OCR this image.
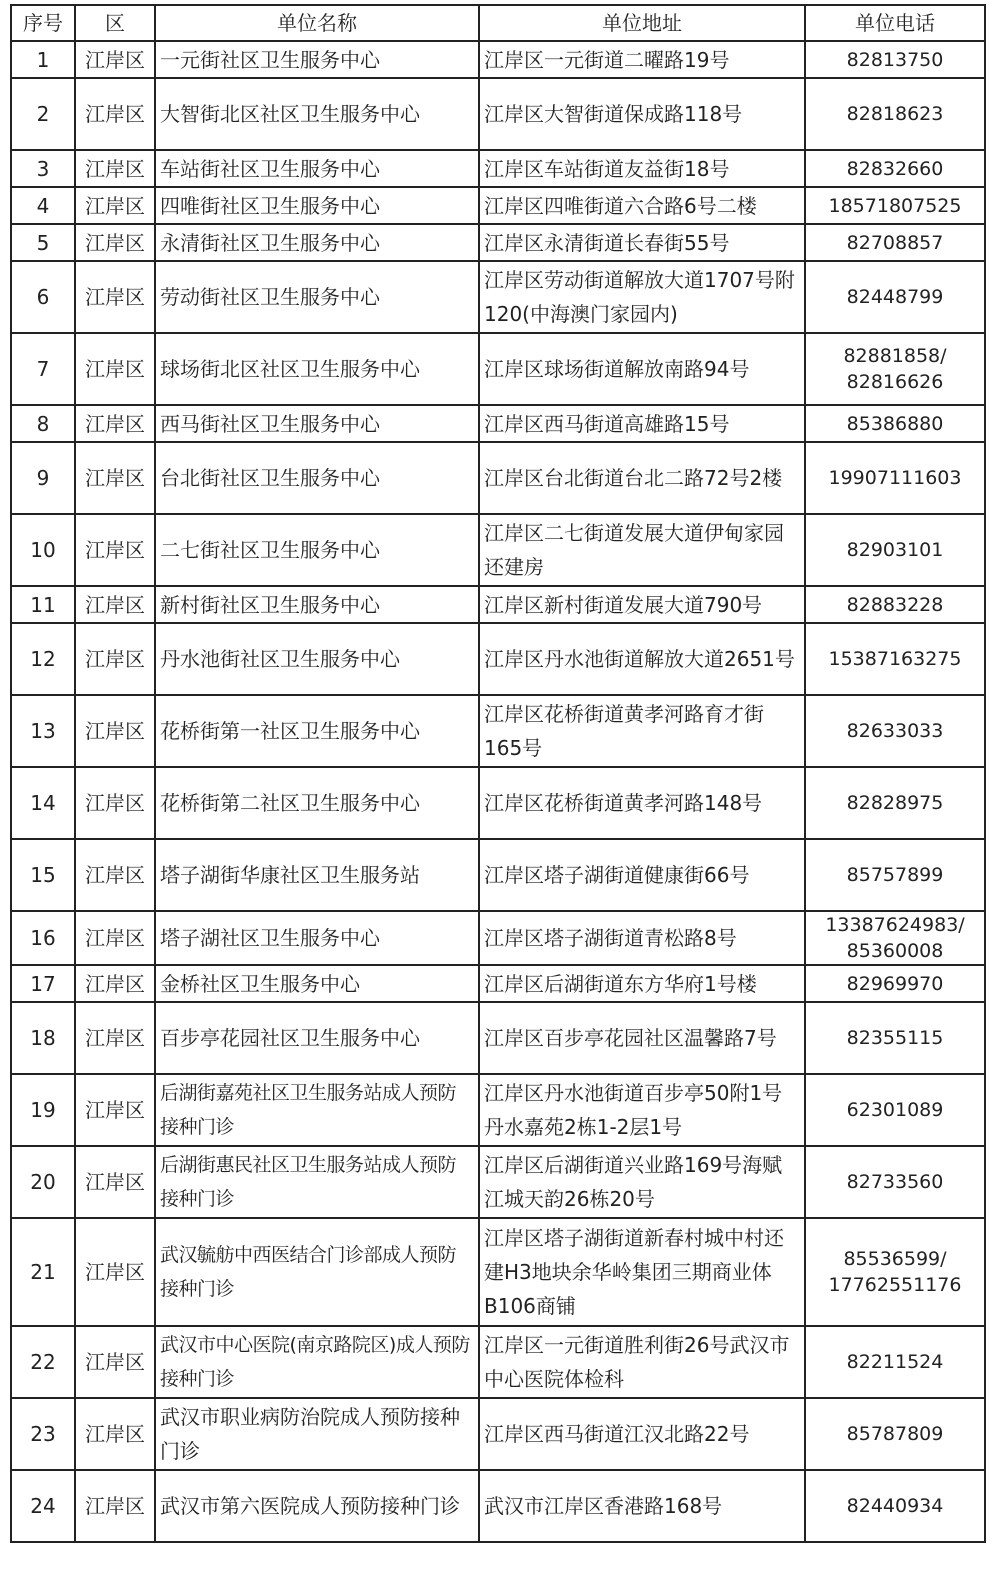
序号	区	单位名称	单位地址	单位电话
1	江岸区	一元街社区卫生服务中心	江岸区一元街道二曜路19号	82813750
2	江岸区	大智街北区社区卫生服务中心	江岸区大智街道保成路118号	82818623
3	江岸区	车站街社区卫生服务中心	江岸区车站街道友益街18号	82832660
4	江岸区	四唯街社区卫生服务中心	江岸区四唯街道六合路6号二楼	18571807525
5	江岸区	永清街社区卫生服务中心	江岸区永清街道长春街55号	82708857
6	江岸区	劳动街社区卫生服务中心	江岸区劳动街道解放大道1707号附120(中海澳门家园内)	82448799
7	江岸区	球场街北区社区卫生服务中心	江岸区球场街道解放南路94号	82881858/ 82816626
8	江岸区	西马街社区卫生服务中心	江岸区西马街道高雄路15号	85386880
9	江岸区	台北街社区卫生服务中心	江岸区台北街道台北二路72号2楼	19907111603
10	江岸区	二七街社区卫生服务中心	江岸区二七街道发展大道伊甸家园还建房	82903101
11	江岸区	新村街社区卫生服务中心	江岸区新村街道发展大道790号	82883228
12	江岸区	丹水池街社区卫生服务中心	江岸区丹水池街道解放大道2651号	15387163275
13	江岸区	花桥街第一社区卫生服务中心	江岸区花桥街道黄孝河路育才街165号	82633033
14	江岸区	花桥街第二社区卫生服务中心	江岸区花桥街道黄孝河路148号	82828975
15	江岸区	塔子湖街华康社区卫生服务站	江岸区塔子湖街道健康街66号	85757899
16	江岸区	塔子湖社区卫生服务中心	江岸区塔子湖街道青松路8号	13387624983/ 85360008
17	江岸区	金桥社区卫生服务中心	江岸区后湖街道东方华府1号楼	82969970
18	江岸区	百步亭花园社区卫生服务中心	江岸区百步亭花园社区温馨路7号	82355115
19	江岸区	后湖街嘉苑社区卫生服务站成人预防接种门诊	江岸区丹水池街道百步亭50附1号丹水嘉苑2栋1-2层1号	62301089
20	江岸区	后湖街惠民社区卫生服务站成人预防接种门诊	江岸区后湖街道兴业路169号海赋江城天韵26栋20号	82733560
21	江岸区	武汉毓舫中西医结合门诊部成人预防接种门诊	江岸区塔子湖街道新春村城中村还建H3地块余华岭集团三期商业体B106商铺	85536599/ 17762551176
22	江岸区	武汉市中心医院(南京路院区)成人预防接种门诊	江岸区一元街道胜利街26号武汉市中心医院体检科	82211524
23	江岸区	武汉市职业病防治院成人预防接种门诊	江岸区西马街道江汉北路22号	85787809
24	江岸区	武汉市第六医院成人预防接种门诊	武汉市江岸区香港路168号	82440934
